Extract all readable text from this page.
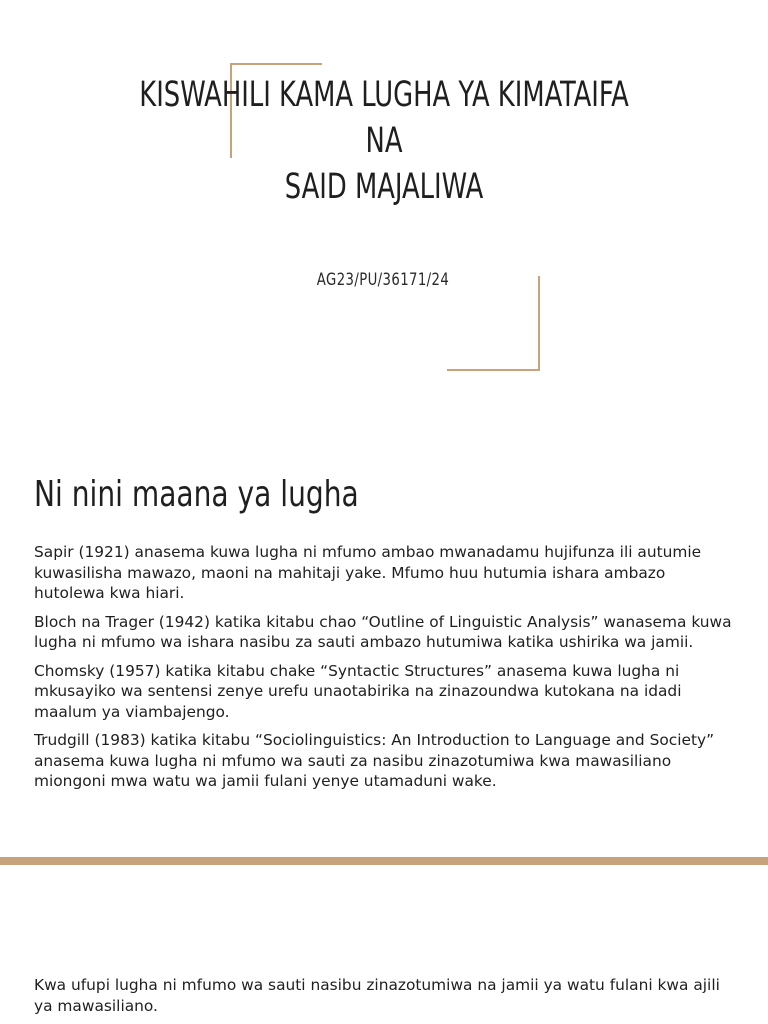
KISWAHILI KAMA LUGHA YA KIMATAIFA
NA
SAID MAJALIWA
AG23/PU/36171/24
Ni nini maana ya lugha

Sapir (1921) anasema kuwa lugha ni mfumo ambao mwanadamu hujifunza ili autumie kuwasilisha mawazo, maoni na mahitaji yake. Mfumo huu hutumia ishara ambazo hutolewa kwa hiari.

Bloch na Trager (1942) katika kitabu chao “Outline of Linguistic Analysis” wanasema kuwa lugha ni mfumo wa ishara nasibu za sauti ambazo hutumiwa katika ushirika wa jamii.

Chomsky (1957) katika kitabu chake “Syntactic Structures” anasema kuwa lugha ni mkusayiko wa sentensi zenye urefu unaotabirika na zinazoundwa kutokana na idadi maalum ya viambajengo.

Trudgill (1983) katika kitabu “Sociolinguistics: An Introduction to Language and Society” anasema kuwa lugha ni mfumo wa sauti za nasibu zinazotumiwa kwa mawasiliano miongoni mwa watu wa jamii fulani yenye utamaduni wake.

Kwa ufupi lugha ni mfumo wa sauti nasibu zinazotumiwa na jamii ya watu fulani kwa ajili ya mawasiliano.
